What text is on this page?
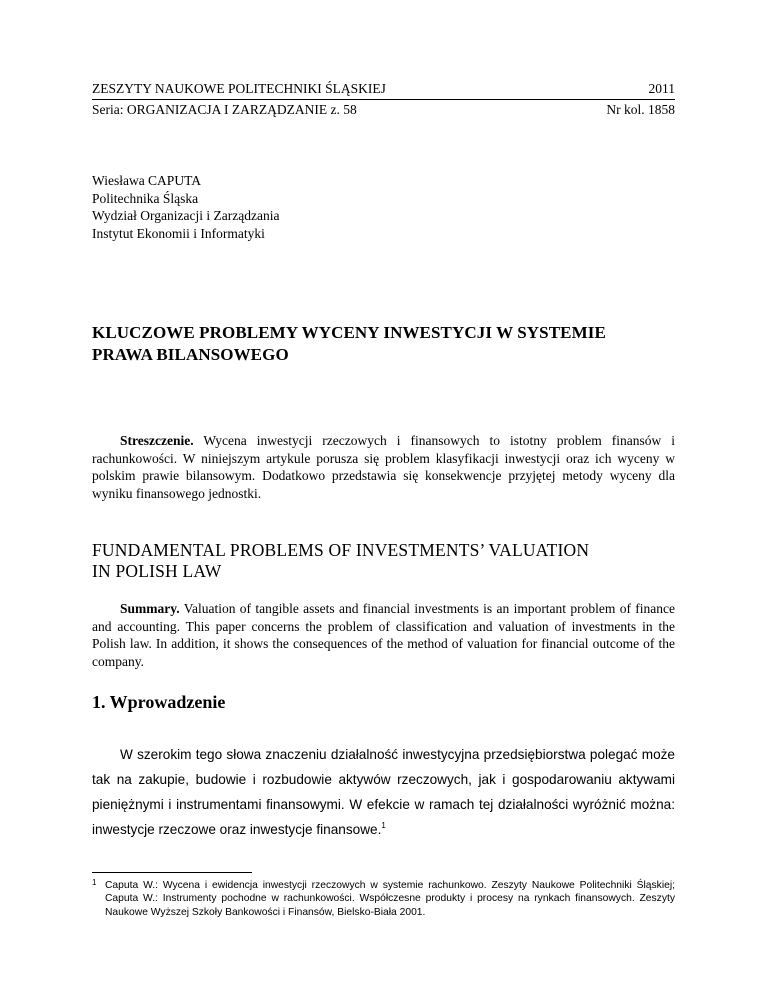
ZESZYTY NAUKOWE POLITECHNIKI ŚLĄSKIEJ	2011
Seria: ORGANIZACJA I ZARZĄDZANIE z. 58	Nr kol. 1858
Wiesława CAPUTA
Politechnika Śląska
Wydział Organizacji i Zarządzania
Instytut Ekonomii i Informatyki
KLUCZOWE PROBLEMY WYCENY INWESTYCJI W SYSTEMIE
PRAWA BILANSOWEGO
Streszczenie. Wycena inwestycji rzeczowych i finansowych to istotny problem finansów i rachunkowości. W niniejszym artykule porusza się problem klasyfikacji inwestycji oraz ich wyceny w polskim prawie bilansowym. Dodatkowo przedstawia się konsekwencje przyjętej metody wyceny dla wyniku finansowego jednostki.
FUNDAMENTAL PROBLEMS OF INVESTMENTS’ VALUATION
IN POLISH LAW
Summary. Valuation of tangible assets and financial investments is an important problem of finance and accounting. This paper concerns the problem of classification and valuation of investments in the Polish law. In addition, it shows the consequences of the method of valuation for financial outcome of the company.
1. Wprowadzenie
W szerokim tego słowa znaczeniu działalność inwestycyjna przedsiębiorstwa polegać może tak na zakupie, budowie i rozbudowie aktywów rzeczowych, jak i gospodarowaniu aktywami pieniężnymi i instrumentami finansowymi. W efekcie w ramach tej działalności wyróżnić można: inwestycje rzeczowe oraz inwestycje finansowe.$^1$
1 Caputa W.: Wycena i ewidencja inwestycji rzeczowych w systemie rachunkowo. Zeszyty Naukowe Politechniki Śląskiej; Caputa W.: Instrumenty pochodne w rachunkowości. Współczesne produkty i procesy na rynkach finansowych. Zeszyty Naukowe Wyższej Szkoły Bankowości i Finansów, Bielsko-Biała 2001.
